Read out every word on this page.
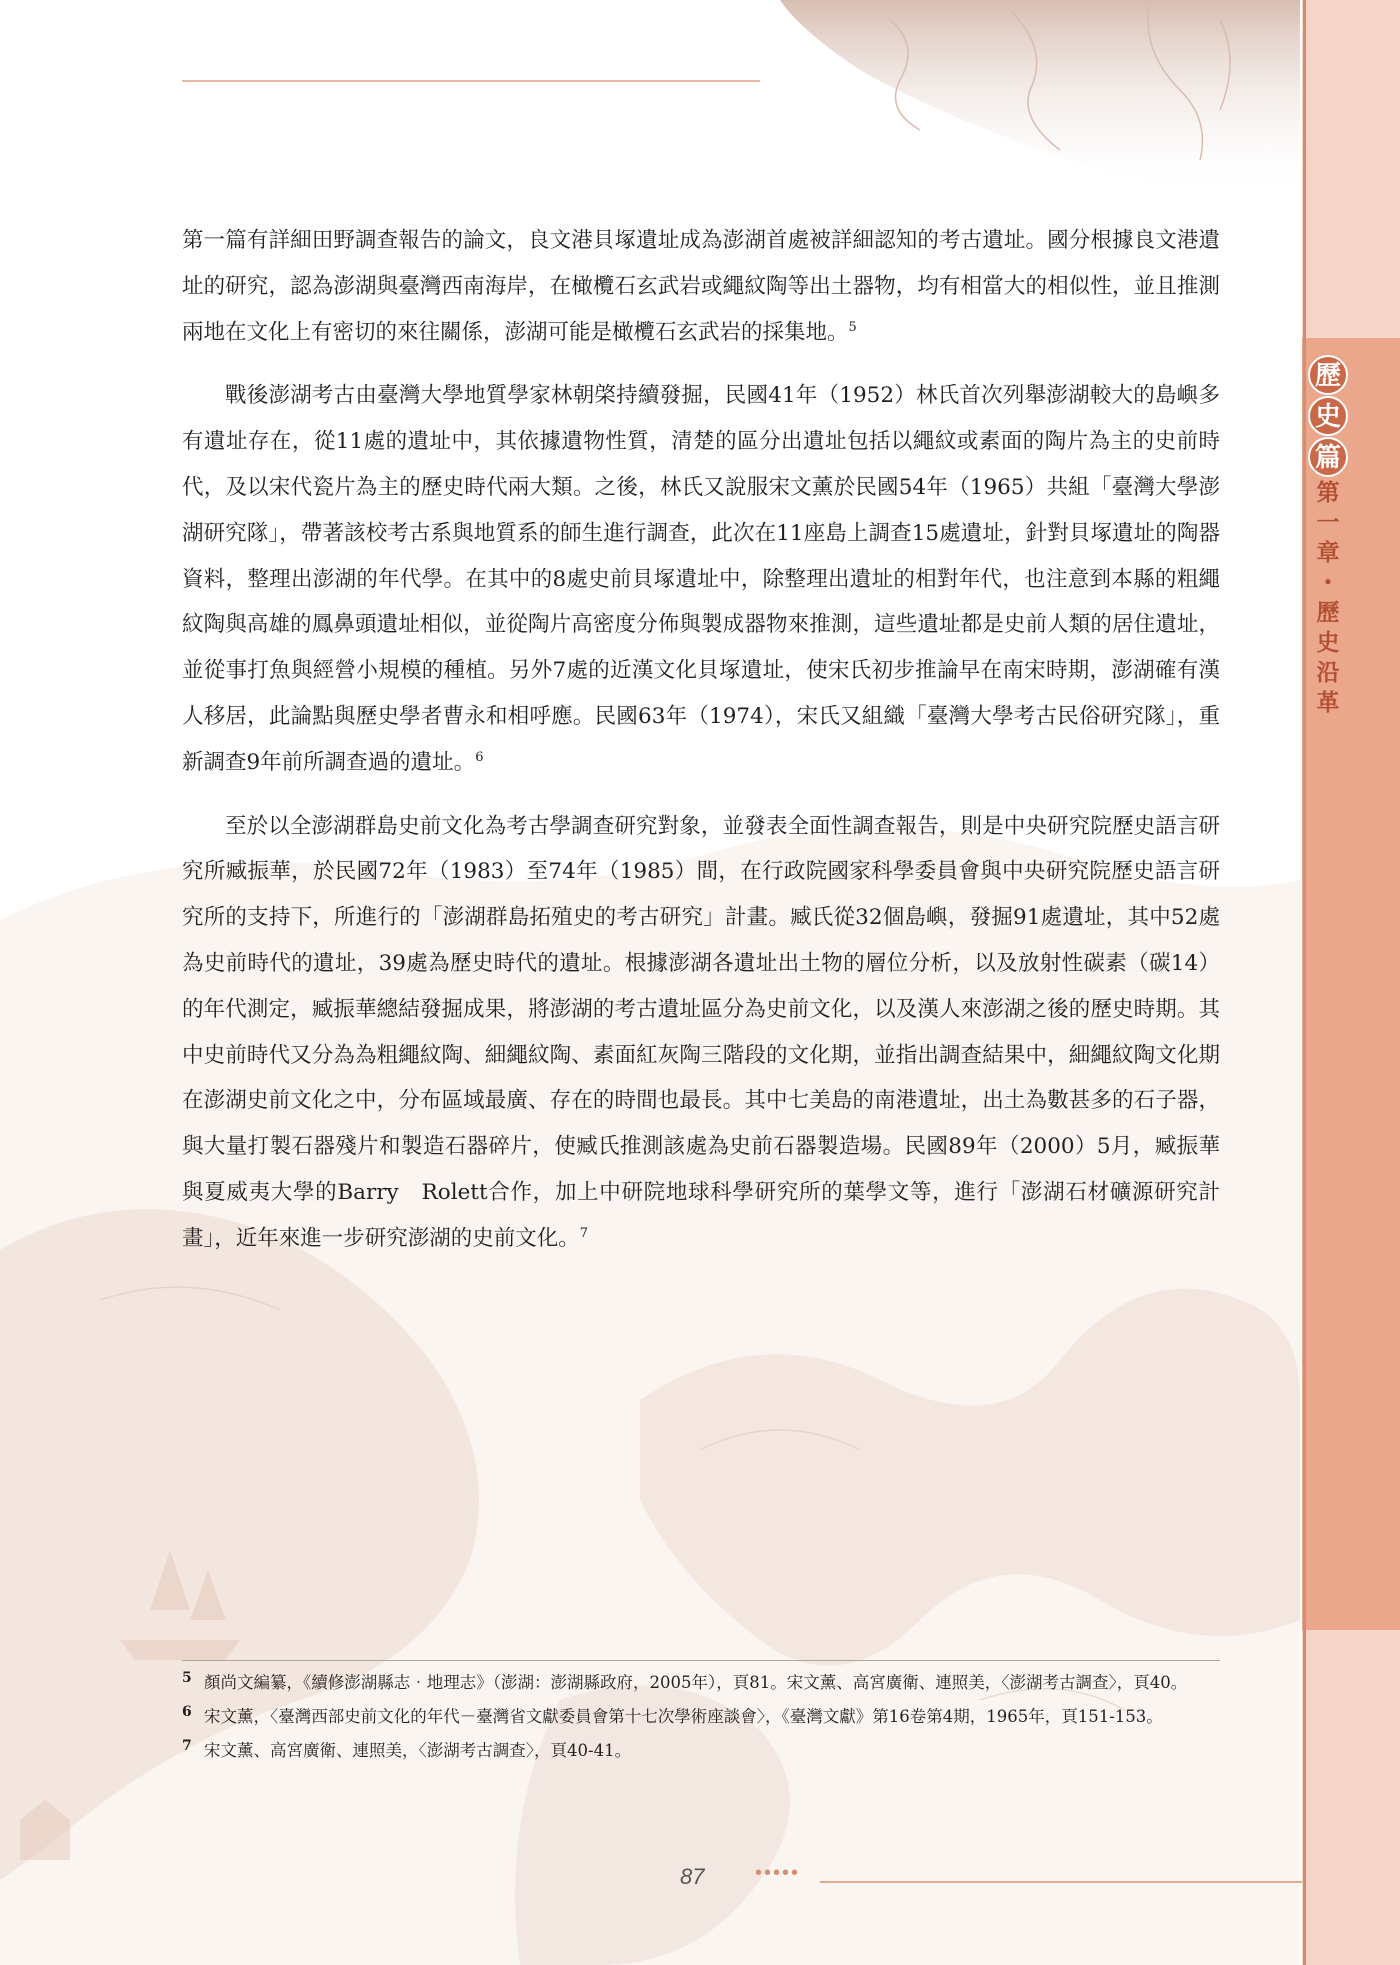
歷
史
篇
第
一
章
・
歷
史
沿
革

第一篇有詳細田野調查報告的論文，良文港貝塚遺址成為澎湖首處被詳細認知的考古遺址。國分根據良文港遺址的研究，認為澎湖與臺灣西南海岸，在橄欖石玄武岩或繩紋陶等出土器物，均有相當大的相似性，並且推測兩地在文化上有密切的來往關係，澎湖可能是橄欖石玄武岩的採集地。$^5$

戰後澎湖考古由臺灣大學地質學家林朝棨持續發掘，民國41年（1952）林氏首次列舉澎湖較大的島嶼多有遺址存在，從11處的遺址中，其依據遺物性質，清楚的區分出遺址包括以繩紋或素面的陶片為主的史前時代，及以宋代瓷片為主的歷史時代兩大類。之後，林氏又說服宋文薰於民國54年（1965）共組「臺灣大學澎湖研究隊」，帶著該校考古系與地質系的師生進行調查，此次在11座島上調查15處遺址，針對貝塚遺址的陶器資料，整理出澎湖的年代學。在其中的8處史前貝塚遺址中，除整理出遺址的相對年代，也注意到本縣的粗繩紋陶與高雄的鳳鼻頭遺址相似，並從陶片高密度分佈與製成器物來推測，這些遺址都是史前人類的居住遺址，並從事打魚與經營小規模的種植。另外7處的近漢文化貝塚遺址，使宋氏初步推論早在南宋時期，澎湖確有漢人移居，此論點與歷史學者曹永和相呼應。民國63年（1974），宋氏又組織「臺灣大學考古民俗研究隊」，重新調查9年前所調查過的遺址。$^6$

至於以全澎湖群島史前文化為考古學調查研究對象，並發表全面性調查報告，則是中央研究院歷史語言研究所臧振華，於民國72年（1983）至74年（1985）間，在行政院國家科學委員會與中央研究院歷史語言研究所的支持下，所進行的「澎湖群島拓殖史的考古研究」計畫。臧氏從32個島嶼，發掘91處遺址，其中52處為史前時代的遺址，39處為歷史時代的遺址。根據澎湖各遺址出土物的層位分析，以及放射性碳素（碳14）的年代測定，臧振華總結發掘成果，將澎湖的考古遺址區分為史前文化，以及漢人來澎湖之後的歷史時期。其中史前時代又分為為粗繩紋陶、細繩紋陶、素面紅灰陶三階段的文化期，並指出調查結果中，細繩紋陶文化期在澎湖史前文化之中，分布區域最廣、存在的時間也最長。其中七美島的南港遺址，出土為數甚多的石子器，與大量打製石器殘片和製造石器碎片，使臧氏推測該處為史前石器製造場。民國89年（2000）5月，臧振華與夏威夷大學的Barry　Rolett合作，加上中研院地球科學研究所的葉學文等，進行「澎湖石材礦源研究計畫」，近年來進一步研究澎湖的史前文化。$^7$

5 顏尚文編纂，《續修澎湖縣志‧地理志》（澎湖：澎湖縣政府，2005年），頁81。宋文薰、高宮廣衛、連照美，〈澎湖考古調查〉，頁40。
6 宋文薰，〈臺灣西部史前文化的年代－臺灣省文獻委員會第十七次學術座談會〉，《臺灣文獻》第16卷第4期，1965年，頁151-153。
7 宋文薰、高宮廣衛、連照美，〈澎湖考古調查〉，頁40-41。
87	•••••
